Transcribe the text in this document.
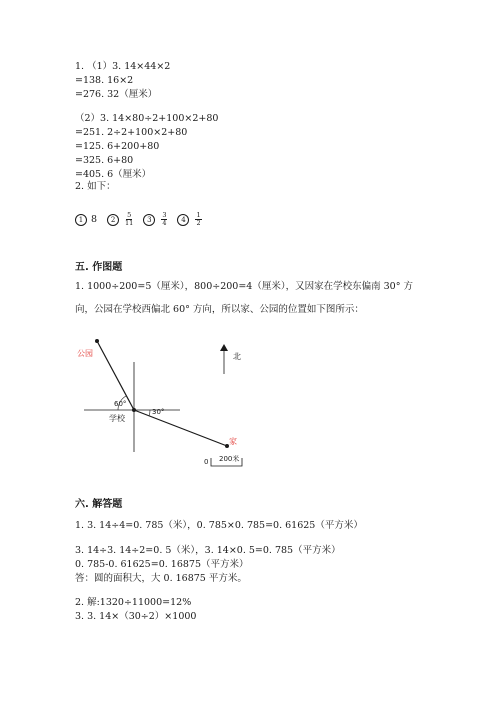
1. （1）3. 14×44×2
=138. 16×2
=276. 32（厘米）
（2）3. 14×80÷2+100×2+80
=251. 2÷2+100×2+80
=125. 6+200+80
=325. 6+80
=405. 6（厘米）
2. 如下：
1 8	2	$\frac{5}{11}$	3	$\frac{3}{4}$	4	$\frac{1}{2}$
五. 作图题
1. 1000÷200=5（厘米），800÷200=4（厘米），又因家在学校东偏南 30° 方
向，公园在学校西偏北 60° 方向，所以家、公园的位置如下图所示：
公园
学校
家
60°
30°
北
0 200米
六. 解答题
1. 3. 14÷4=0. 785（米），0. 785×0. 785=0. 61625（平方米）
3. 14÷3. 14÷2=0. 5（米），3. 14×0. 5=0. 785（平方米）
0. 785-0. 61625=0. 16875（平方米）
答：圆的面积大，大 0. 16875 平方米。
2. 解:1320÷11000=12%
3. 3. 14×（30÷2）×1000
